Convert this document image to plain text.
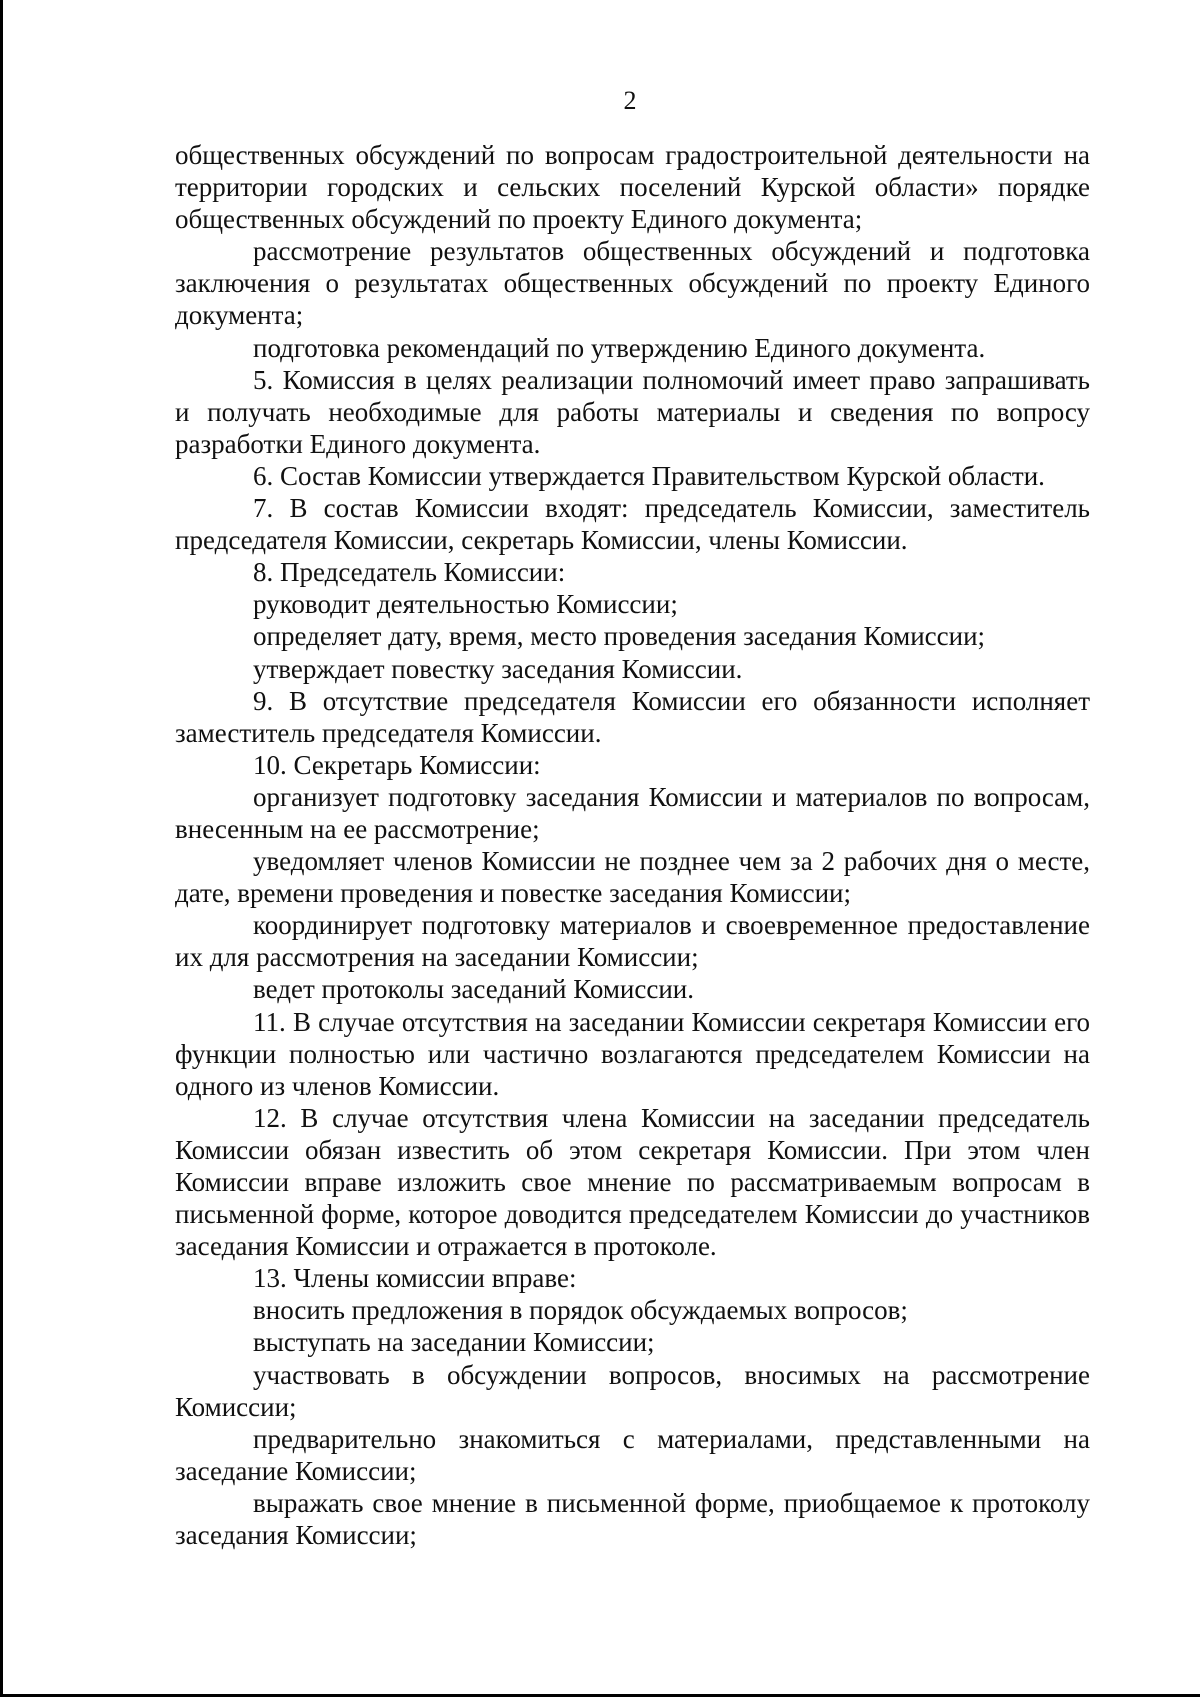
2

общественных обсуждений по вопросам градостроительной деятельности на территории городских и сельских поселений Курской области» порядке общественных обсуждений по проекту Единого документа;

рассмотрение результатов общественных обсуждений и подготовка заключения о результатах общественных обсуждений по проекту Единого документа;

подготовка рекомендаций по утверждению Единого документа.

5. Комиссия в целях реализации полномочий имеет право запрашивать и получать необходимые для работы материалы и сведения по вопросу разработки Единого документа.

6. Состав Комиссии утверждается Правительством Курской области.

7. В состав Комиссии входят: председатель Комиссии, заместитель председателя Комиссии, секретарь Комиссии, члены Комиссии.

8. Председатель Комиссии:

руководит деятельностью Комиссии;

определяет дату, время, место проведения заседания Комиссии;

утверждает повестку заседания Комиссии.

9. В отсутствие председателя Комиссии его обязанности исполняет заместитель председателя Комиссии.

10. Секретарь Комиссии:

организует подготовку заседания Комиссии и материалов по вопросам, внесенным на ее рассмотрение;

уведомляет членов Комиссии не позднее чем за 2 рабочих дня о месте, дате, времени проведения и повестке заседания Комиссии;

координирует подготовку материалов и своевременное предоставление их для рассмотрения на заседании Комиссии;

ведет протоколы заседаний Комиссии.

11. В случае отсутствия на заседании Комиссии секретаря Комиссии его функции полностью или частично возлагаются председателем Комиссии на одного из членов Комиссии.

12. В случае отсутствия члена Комиссии на заседании председатель Комиссии обязан известить об этом секретаря Комиссии. При этом член Комиссии вправе изложить свое мнение по рассматриваемым вопросам в письменной форме, которое доводится председателем Комиссии до участников заседания Комиссии и отражается в протоколе.

13. Члены комиссии вправе:

вносить предложения в порядок обсуждаемых вопросов;

выступать на заседании Комиссии;

участвовать в обсуждении вопросов, вносимых на рассмотрение Комиссии;

предварительно знакомиться с материалами, представленными на заседание Комиссии;

выражать свое мнение в письменной форме, приобщаемое к протоколу заседания Комиссии;
